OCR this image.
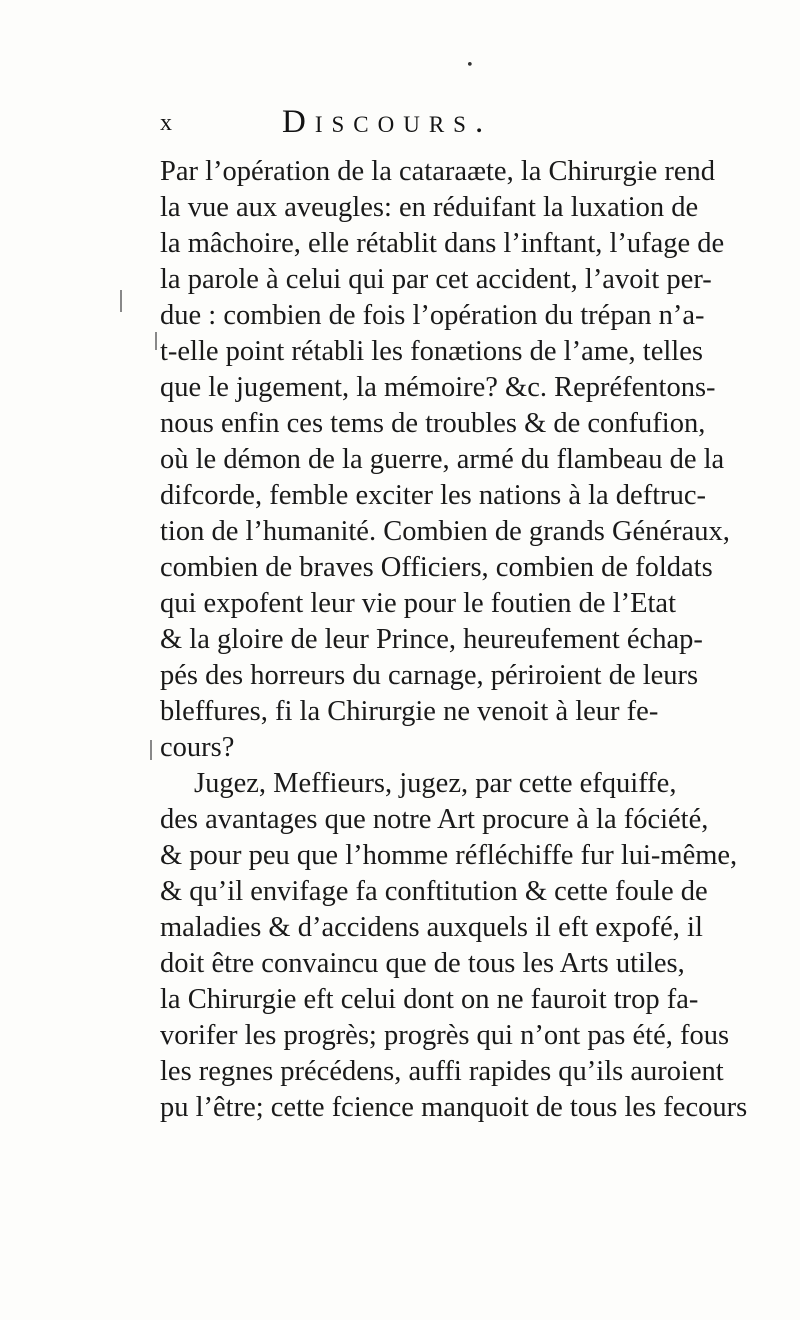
•
x	Discours.
Par l’opération de la cataraæte, la Chirurgie rend
la vue aux aveugles: en réduifant la luxation de
la mâchoire, elle rétablit dans l’inftant, l’ufage de
la parole à celui qui par cet accident, l’avoit per-
due : combien de fois l’opération du trépan n’a-
t-elle point rétabli les fonætions de l’ame, telles
que le jugement, la mémoire? &c. Repréfentons-
nous enfin ces tems de troubles & de confufion,
où le démon de la guerre, armé du flambeau de la
difcorde, femble exciter les nations à la deftruc-
tion de l’humanité. Combien de grands Généraux,
combien de braves Officiers, combien de foldats
qui expofent leur vie pour le foutien de l’Etat
& la gloire de leur Prince, heureufement échap-
pés des horreurs du carnage, périroient de leurs
bleffures, fi la Chirurgie ne venoit à leur fe-
cours?
Jugez, Meffieurs, jugez, par cette efquiffe,
des avantages que notre Art procure à la fóciété,
& pour peu que l’homme réfléchiffe fur lui-même,
& qu’il envifage fa conftitution & cette foule de
maladies & d’accidens auxquels il eft expofé, il
doit être convaincu que de tous les Arts utiles,
la Chirurgie eft celui dont on ne fauroit trop fa-
vorifer les progrès; progrès qui n’ont pas été, fous
les regnes précédens, auffi rapides qu’ils auroient
pu l’être; cette fcience manquoit de tous les fecours
